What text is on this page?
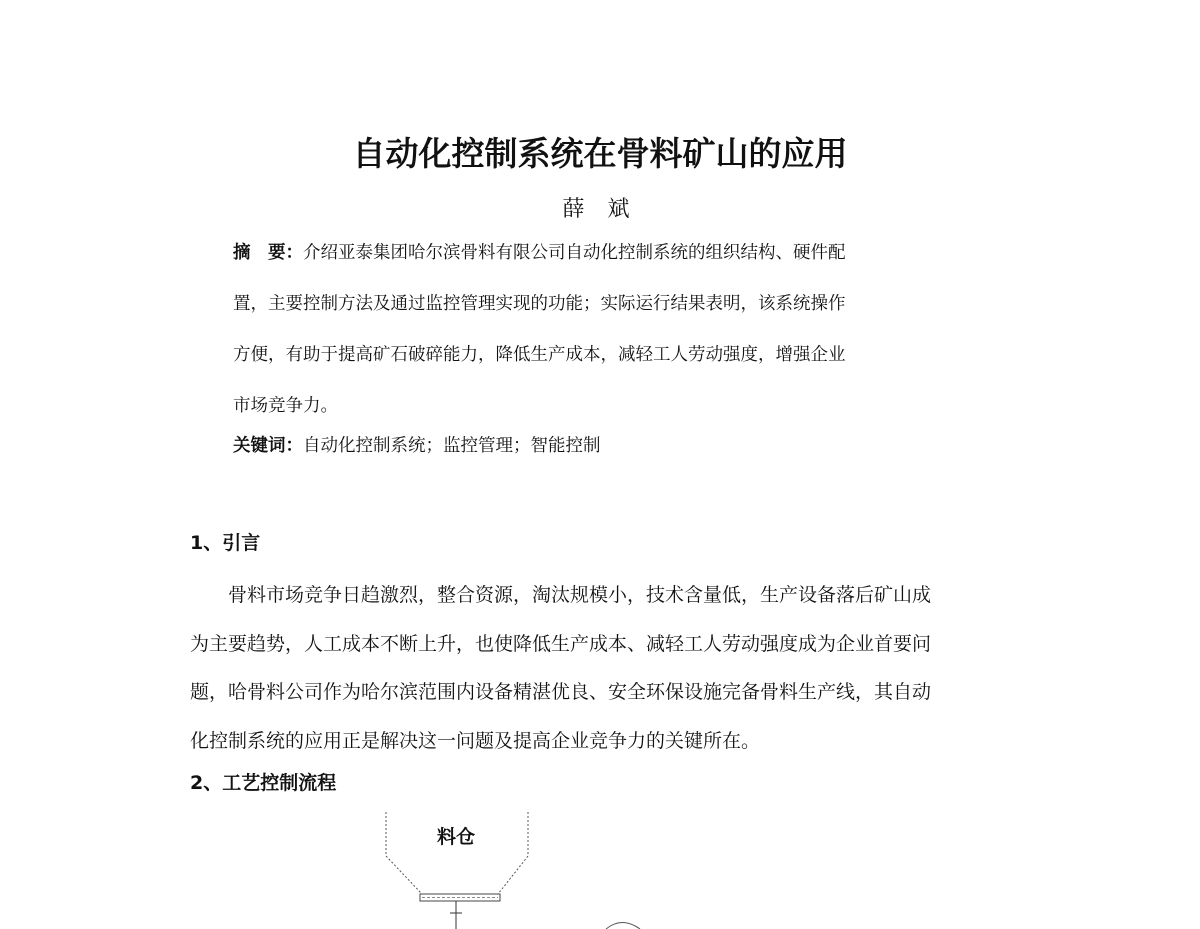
自动化控制系统在骨料矿山的应用
薛 斌
摘　要：介绍亚泰集团哈尔滨骨料有限公司自动化控制系统的组织结构、硬件配
置，主要控制方法及通过监控管理实现的功能；实际运行结果表明，该系统操作
方便，有助于提高矿石破碎能力，降低生产成本，减轻工人劳动强度，增强企业
市场竞争力。
关键词：自动化控制系统；监控管理；智能控制
1、引言
　　骨料市场竞争日趋激烈，整合资源，淘汰规模小，技术含量低，生产设备落后矿山成
为主要趋势，人工成本不断上升，也使降低生产成本、减轻工人劳动强度成为企业首要问
题，哈骨料公司作为哈尔滨范围内设备精湛优良、安全环保设施完备骨料生产线，其自动
化控制系统的应用正是解决这一问题及提高企业竞争力的关键所在。
2、工艺控制流程
料仓
